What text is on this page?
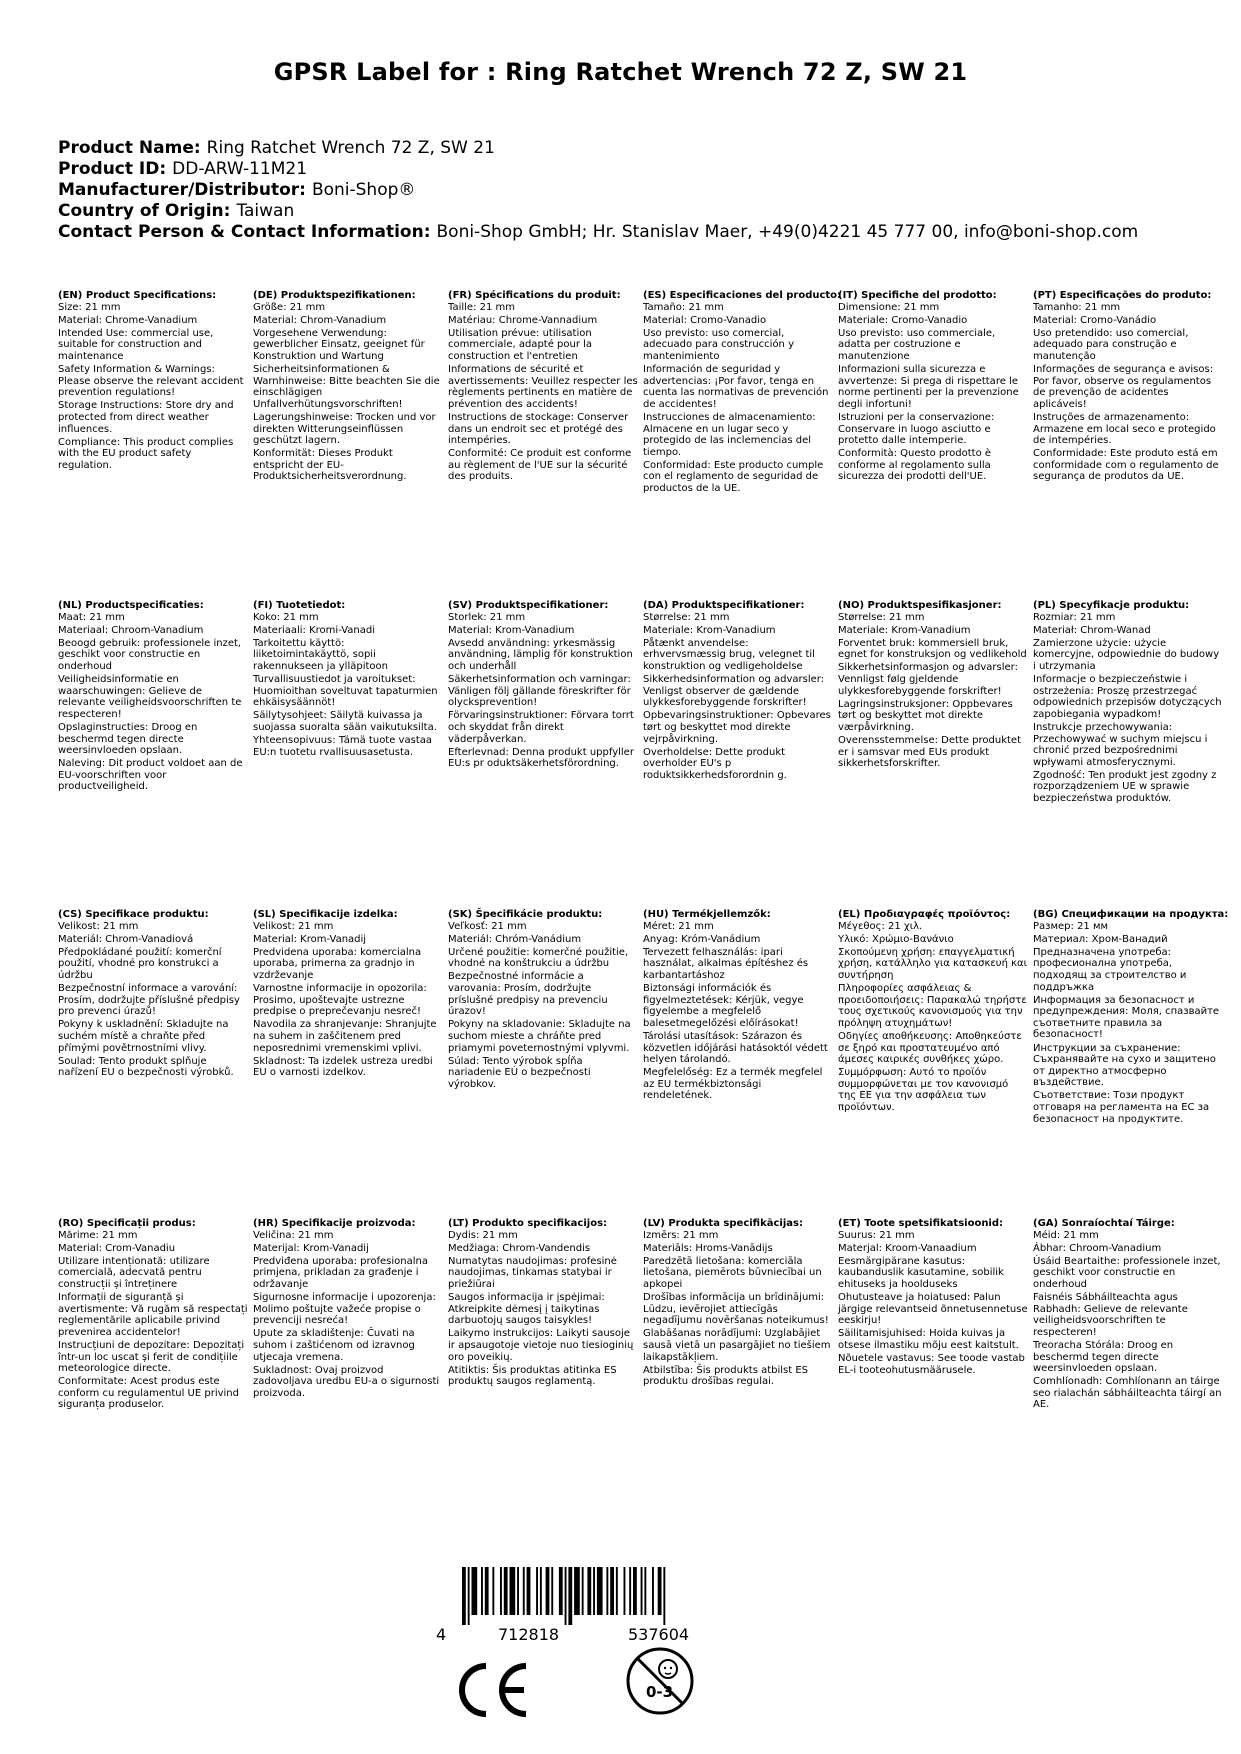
GPSR Label for : Ring Ratchet Wrench 72 Z, SW 21
Product Name: Ring Ratchet Wrench 72 Z, SW 21
Product ID: DD-ARW-11M21
Manufacturer/Distributor: Boni-Shop®
Country of Origin: Taiwan
Contact Person & Contact Information: Boni-Shop GmbH; Hr. Stanislav Maer, +49(0)4221 45 777 00, info@boni-shop.com
(EN) Product Specifications:
Size: 21 mm
Material: Chrome-Vanadium
Intended Use: commercial use, suitable for construction and maintenance
Safety Information & Warnings: Please observe the relevant accident prevention regulations!
Storage Instructions: Store dry and protected from direct weather influences.
Compliance: This product complies with the EU product safety regulation.
(DE) Produktspezifikationen:
Größe: 21 mm
Material: Chrom-Vanadium
Vorgesehene Verwendung: gewerblicher Einsatz, geeignet für Konstruktion und Wartung
Sicherheitsinformationen & Warnhinweise: Bitte beachten Sie die einschlägigen Unfallverhütungsvorschriften!
Lagerungshinweise: Trocken und vor direkten Witterungseinflüssen geschützt lagern.
Konformität: Dieses Produkt entspricht der EU-Produktsicherheitsverordnung.
(FR) Spécifications du produit:
Taille: 21 mm
Matériau: Chrome-Vannadium
Utilisation prévue: utilisation commerciale, adapté pour la construction et l'entretien
Informations de sécurité et avertissements: Veuillez respecter les règlements pertinents en matière de prévention des accidents!
Instructions de stockage: Conserver dans un endroit sec et protégé des intempéries.
Conformité: Ce produit est conforme au règlement de l'UE sur la sécurité des produits.
(ES) Especificaciones del producto:
Tamaño: 21 mm
Material: Cromo-Vanadio
Uso previsto: uso comercial, adecuado para construcción y mantenimiento
Información de seguridad y advertencias: ¡Por favor, tenga en cuenta las normativas de prevención de accidentes!
Instrucciones de almacenamiento: Almacene en un lugar seco y protegido de las inclemencias del tiempo.
Conformidad: Este producto cumple con el reglamento de seguridad de productos de la UE.
(IT) Specifiche del prodotto:
Dimensione: 21 mm
Materiale: Cromo-Vanadio
Uso previsto: uso commerciale, adatta per costruzione e manutenzione
Informazioni sulla sicurezza e avvertenze: Si prega di rispettare le norme pertinenti per la prevenzione degli infortuni!
Istruzioni per la conservazione: Conservare in luogo asciutto e protetto dalle intemperie.
Conformità: Questo prodotto è conforme al regolamento sulla sicurezza dei prodotti dell'UE.
(PT) Especificações do produto:
Tamanho: 21 mm
Material: Cromo-Vanádio
Uso pretendido: uso comercial, adequado para construção e manutenção
Informações de segurança e avisos: Por favor, observe os regulamentos de prevenção de acidentes aplicáveis!
Instruções de armazenamento: Armazene em local seco e protegido de intempéries.
Conformidade: Este produto está em conformidade com o regulamento de segurança de produtos da UE.
(NL) Productspecificaties:
Maat: 21 mm
Materiaal: Chroom-Vanadium
Beoogd gebruik: professionele inzet, geschikt voor constructie en onderhoud
Veiligheidsinformatie en waarschuwingen: Gelieve de relevante veiligheidsvoorschriften te respecteren!
Opslaginstructies: Droog en beschermd tegen directe weersinvloeden opslaan.
Naleving: Dit product voldoet aan de EU-voorschriften voor productveiligheid.
(FI) Tuotetiedot:
Koko: 21 mm
Materiaali: Kromi-Vanadi
Tarkoitettu käyttö: liiketoimintakäyttö, sopii rakennukseen ja ylläpitoon
Turvallisuustiedot ja varoitukset: Huomioithan soveltuvat tapaturmien ehkäisysäännöt!
Säilytysohjeet: Säilytä kuivassa ja suojassa suoralta sään vaikutuksilta.
Yhteensopivuus: Tämä tuote vastaa EU:n tuotetu rvallisuusasetusta.
(SV) Produktspecifikationer:
Storlek: 21 mm
Material: Krom-Vanadium
Avsedd användning: yrkesmässig användning, lämplig för konstruktion och underhåll
Säkerhetsinformation och varningar: Vänligen följ gällande föreskrifter för olycksprevention!
Förvaringsinstruktioner: Förvara torrt och skyddat från direkt väderpåverkan.
Efterlevnad: Denna produkt uppfyller EU:s pr oduktsäkerhetsförordning.
(DA) Produktspecifikationer:
Størrelse: 21 mm
Materiale: Krom-Vanadium
Påtænkt anvendelse: erhvervsmæssig brug, velegnet til konstruktion og vedligeholdelse
Sikkerhedsinformation og advarsler: Venligst observer de gældende ulykkesforebyggende forskrifter!
Opbevaringsinstruktioner: Opbevares tørt og beskyttet mod direkte vejrpåvirkning.
Overholdelse: Dette produkt overholder EU's p roduktsikkerhedsforordnin g.
(NO) Produktspesifikasjoner:
Størrelse: 21 mm
Materiale: Krom-Vanadium
Forventet bruk: kommersiell bruk, egnet for konstruksjon og vedlikehold
Sikkerhetsinformasjon og advarsler: Vennligst følg gjeldende ulykkesforebyggende forskrifter!
Lagringsinstruksjoner: Oppbevares tørt og beskyttet mot direkte værpåvirkning.
Overensstemmelse: Dette produktet er i samsvar med EUs produkt sikkerhetsforskrifter.
(PL) Specyfikacje produktu:
Rozmiar: 21 mm
Materiał: Chrom-Wanad
Zamierzone użycie: użycie komercyjne, odpowiednie do budowy i utrzymania
Informacje o bezpieczeństwie i ostrzeżenia: Proszę przestrzegać odpowiednich przepisów dotyczących zapobiegania wypadkom!
Instrukcje przechowywania: Przechowywać w suchym miejscu i chronić przed bezpośrednimi wpływami atmosferycznymi.
Zgodność: Ten produkt jest zgodny z rozporządzeniem UE w sprawie bezpieczeństwa produktów.
(CS) Specifikace produktu:
Velikost: 21 mm
Materiál: Chrom-Vanadiová
Předpokládané použití: komerční použití, vhodné pro konstrukci a údržbu
Bezpečnostní informace a varování: Prosím, dodržujte příslušné předpisy pro prevenci úrazů!
Pokyny k uskladnění: Skladujte na suchém místě a chraňte před přímými povětrnostními vlivy.
Soulad: Tento produkt splňuje nařízení EU o bezpečnosti výrobků.
(SL) Specifikacije izdelka:
Velikost: 21 mm
Material: Krom-Vanadij
Predvidena uporaba: komercialna uporaba, primerna za gradnjo in vzdrževanje
Varnostne informacije in opozorila: Prosimo, upoštevajte ustrezne predpise o preprečevanju nesreč!
Navodila za shranjevanje: Shranjujte na suhem in zaščitenem pred neposrednimi vremenskimi vplivi.
Skladnost: Ta izdelek ustreza uredbi EU o varnosti izdelkov.
(SK) Špecifikácie produktu:
Veľkosť: 21 mm
Materiál: Chróm-Vanádium
Určené použitie: komerčné použitie, vhodné na konštrukciu a údržbu
Bezpečnostné informácie a varovania: Prosím, dodržujte príslušné predpisy na prevenciu úrazov!
Pokyny na skladovanie: Skladujte na suchom mieste a chráňte pred priamymi poveternostnými vplyvmi.
Súlad: Tento výrobok spĺňa nariadenie EÚ o bezpečnosti výrobkov.
(HU) Termékjellemzők:
Méret: 21 mm
Anyag: Króm-Vanádium
Tervezett felhasználás: ipari használat, alkalmas építéshez és karbantartáshoz
Biztonsági információk és figyelmeztetések: Kérjük, vegye figyelembe a megfelelő balesetmegelőzési előírásokat!
Tárolási utasítások: Szárazon és közvetlen időjárási hatásoktól védett helyen tárolandó.
Megfelelőség: Ez a termék megfelel az EU termékbiztonsági rendeletének.
(EL) Προδιαγραφές προϊόντος:
Μέγεθος: 21 χιλ.
Υλικό: Χρώμιο-Βανάνιο
Σκοπούμενη χρήση: επαγγελματική χρήση, κατάλληλο για κατασκευή και συντήρηση
Πληροφορίες ασφάλειας & προειδοποιήσεις: Παρακαλώ τηρήστε τους σχετικούς κανονισμούς για την πρόληψη ατυχημάτων!
Οδηγίες αποθήκευσης: Αποθηκεύστε σε ξηρό και προστατευμένο από άμεσες καιρικές συνθήκες χώρο.
Συμμόρφωση: Αυτό το προϊόν συμμορφώνεται με τον κανονισμό της ΕΕ για την ασφάλεια των προϊόντων.
(BG) Спецификации на продукта:
Размер: 21 мм
Материал: Хром-Ванадий
Предназначена употреба: професионална употреба, подходящ за строителство и поддръжка
Информация за безопасност и предупреждения: Моля, спазвайте съответните правила за безопасност!
Инструкции за съхранение: Съхранявайте на сухо и защитено от директно атмосферно въздействие.
Съответствие: Този продукт отговаря на регламента на ЕС за безопасност на продуктите.
(RO) Specificații produs:
Mărime: 21 mm
Material: Crom-Vanadiu
Utilizare intenționată: utilizare comercială, adecvată pentru construcții și întreținere
Informații de siguranță și avertismente: Vă rugăm să respectați reglementările aplicabile privind prevenirea accidentelor!
Instrucțiuni de depozitare: Depozitați într-un loc uscat și ferit de condițiile meteorologice directe.
Conformitate: Acest produs este conform cu regulamentul UE privind siguranța produselor.
(HR) Specifikacije proizvoda:
Veličina: 21 mm
Materijal: Krom-Vanadij
Predviđena uporaba: profesionalna primjena, prikladan za građenje i održavanje
Sigurnosne informacije i upozorenja: Molimo poštujte važeće propise o prevenciji nesreća!
Upute za skladištenje: Čuvati na suhom i zaštićenom od izravnog utjecaja vremena.
Sukladnost: Ovaj proizvod zadovoljava uredbu EU-a o sigurnosti proizvoda.
(LT) Produkto specifikacijos:
Dydis: 21 mm
Medžiaga: Chrom-Vandendis
Numatytas naudojimas: profesinė naudojimas, tinkamas statybai ir priežiūrai
Saugos informacija ir įspėjimai: Atkreipkite dėmesį į taikytinas darbuotojų saugos taisykles!
Laikymo instrukcijos: Laikyti sausoje ir apsaugotoje vietoje nuo tiesioginių oro poveikių.
Atitiktis: Šis produktas atitinka ES produktų saugos reglamentą.
(LV) Produkta specifikācijas:
Izmērs: 21 mm
Materiāls: Hroms-Vanādijs
Paredzētā lietošana: komerciāla lietošana, piemērots būvniecībai un apkopei
Drošības informācija un brīdinājumi: Lūdzu, ievērojiet attiecīgās negadījumu novēršanas noteikumus!
Glabāšanas norādījumi: Uzglabājiet sausā vietā un pasargājiet no tiešiem laikapstākļiem.
Atbilstība: Šis produkts atbilst ES produktu drošības regulai.
(ET) Toote spetsifikatsioonid:
Suurus: 21 mm
Materjal: Kroom-Vanaadium
Eesmärgipärane kasutus: kaubanduslik kasutamine, sobilik ehituseks ja hoolduseks
Ohutusteave ja hoiatused: Palun järgige relevantseid õnnetusennetuse eeskirju!
Säilitamisjuhised: Hoida kuivas ja otsese ilmastiku mõju eest kaitstult.
Nõuetele vastavus: See toode vastab EL-i tooteohutusmäärusele.
(GA) Sonraíochtaí Táirge:
Méid: 21 mm
Ábhar: Chroom-Vanadium
Úsáid Beartaithe: professionele inzet, geschikt voor constructie en onderhoud
Faisnéis Sábháilteachta agus Rabhadh: Gelieve de relevante veiligheidsvoorschriften te respecteren!
Treoracha Stórála: Droog en beschermd tegen directe weersinvloeden opslaan.
Comhlíonadh: Comhlíonann an táirge seo rialachán sábháilteachta táirgí an AE.
4	712818	537604
0-3
